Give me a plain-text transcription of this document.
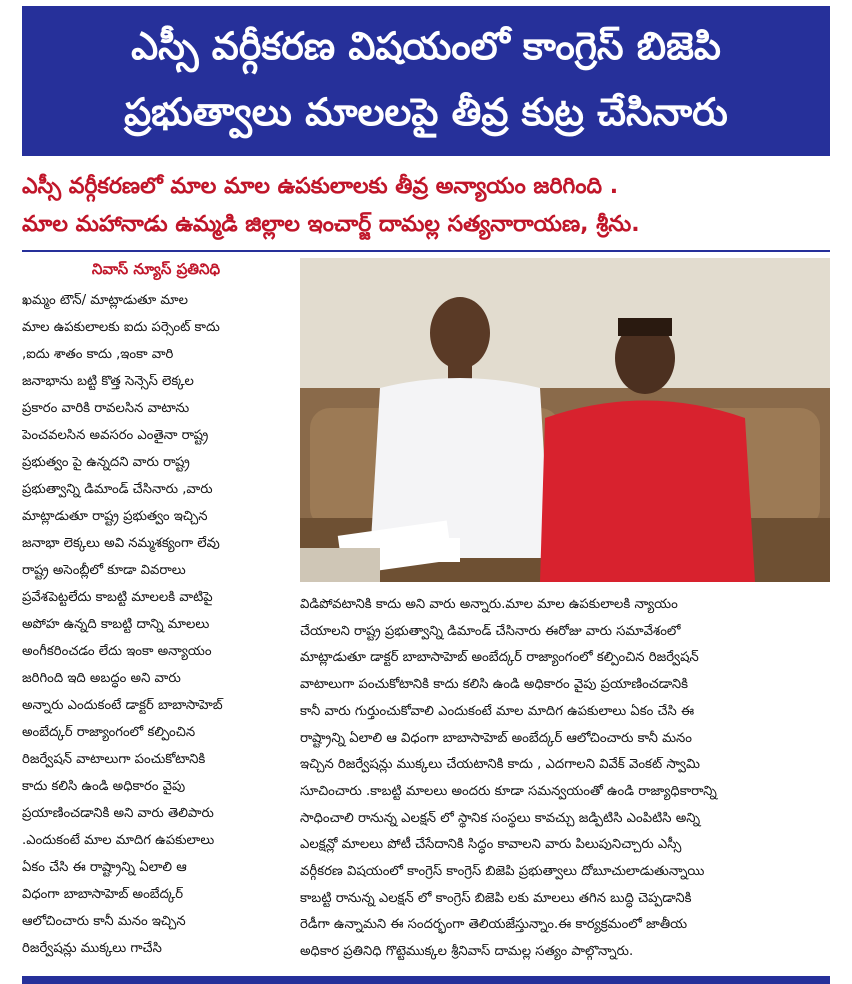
ఎస్సీ వర్గీకరణ విషయంలో కాంగ్రెస్ బిజెపి
ప్రభుత్వాలు మాలలపై తీవ్ర కుట్ర చేసినారు
ఎస్సీ వర్గీకరణలో మాల మాల ఉపకులాలకు తీవ్ర అన్యాయం జరిగింది .
మాల మహానాడు ఉమ్మడి జిల్లాల ఇంచార్జ్ దామల్ల సత్యనారాయణ, శ్రీను.
నివాస్ న్యూస్ ప్రతినిధి
ఖమ్మం టౌన్/ మాట్లాడుతూ మాల
మాల ఉపకులాలకు ఐదు పర్సెంట్ కాదు
,ఐదు శాతం కాదు ,ఇంకా వారి
జనాభాను బట్టి కొత్త సెన్సెస్ లెక్కల
ప్రకారం వారికి రావలసిన వాటాను
పెంచవలసిన అవసరం ఎంతైనా రాష్ట్ర
ప్రభుత్వం పై ఉన్నదని వారు రాష్ట్ర
ప్రభుత్వాన్ని డిమాండ్ చేసినారు ,వారు
మాట్లాడుతూ రాష్ట్ర ప్రభుత్వం ఇచ్చిన
జనాభా లెక్కలు అవి నమ్మశక్యంగా లేవు
రాష్ట్ర అసెంబ్లీలో కూడా వివరాలు
ప్రవేశపెట్టలేదు కాబట్టి మాలలకి వాటిపై
అపోహ ఉన్నది కాబట్టి దాన్ని మాలలు
అంగీకరించడం లేదు ఇంకా అన్యాయం
జరిగింది ఇది అబద్ధం అని వారు
అన్నారు ఎందుకంటే డాక్టర్ బాబాసాహెబ్
అంబేద్కర్ రాజ్యాంగంలో కల్పించిన
రిజర్వేషన్ వాటాలుగా పంచుకోటానికి
కాదు కలిసి ఉండి అధికారం వైపు
ప్రయాణించడానికి అని వారు తెలిపారు
.ఎందుకంటే మాల మాదిగ ఉపకులాలు
ఏకం చేసి ఈ రాష్ట్రాన్ని ఏలాలి ఆ
విధంగా బాబాసాహెబ్ అంబేద్కర్
ఆలోచించారు కానీ మనం ఇచ్చిన
రిజర్వేషన్లు ముక్కలు గాచేసి
విడిపోవటానికి కాదు అని వారు అన్నారు.మాల మాల ఉపకులాలకి న్యాయం
చేయాలని రాష్ట్ర ప్రభుత్వాన్ని డిమాండ్ చేసినారు ఈరోజు వారు సమావేశంలో
మాట్లాడుతూ డాక్టర్ బాబాసాహెబ్ అంబేద్కర్ రాజ్యాంగంలో కల్పించిన రిజర్వేషన్
వాటాలుగా పంచుకోటానికి కాదు కలిసి ఉండి అధికారం వైపు ప్రయాణించడానికి
కానీ వారు గుర్తుంచుకోవాలి ఎందుకంటే మాల మాదిగ ఉపకులాలు ఏకం చేసి ఈ
రాష్ట్రాన్ని ఏలాలి ఆ విధంగా బాబాసాహెబ్ అంబేద్కర్ ఆలోచించారు కానీ మనం
ఇచ్చిన రిజర్వేషన్లు ముక్కలు చేయటానికి కాదు , ఎదగాలని వివేక్ వెంకట్ స్వామి
సూచించారు .కాబట్టి మాలలు అందరు కూడా సమన్వయంతో ఉండి రాజ్యాధికారాన్ని
సాధించాలి రానున్న ఎలక్షన్ లో స్థానిక సంస్థలు కావచ్చు జడ్పిటిసి ఎంపిటిసి అన్ని
ఎలక్షన్లో మాలలు పోటీ చేసేదానికి సిద్ధం కావాలని వారు పిలుపునిచ్చారు ఎస్సీ
వర్గీకరణ విషయంలో కాంగ్రెస్ కాంగ్రెస్ బిజెపి ప్రభుత్వాలు దోబూచులాడుతున్నాయి
కాబట్టి రానున్న ఎలక్షన్ లో కాంగ్రెస్ బిజెపి లకు మాలలు తగిన బుద్ధి చెప్పడానికి
రెడీగా ఉన్నామని ఈ సందర్భంగా తెలియజేస్తున్నాం.ఈ కార్యక్రమంలో జాతీయ
అధికార ప్రతినిధి గొట్టెముక్కల శ్రీనివాస్ దామల్ల సత్యం పాల్గొన్నారు.
